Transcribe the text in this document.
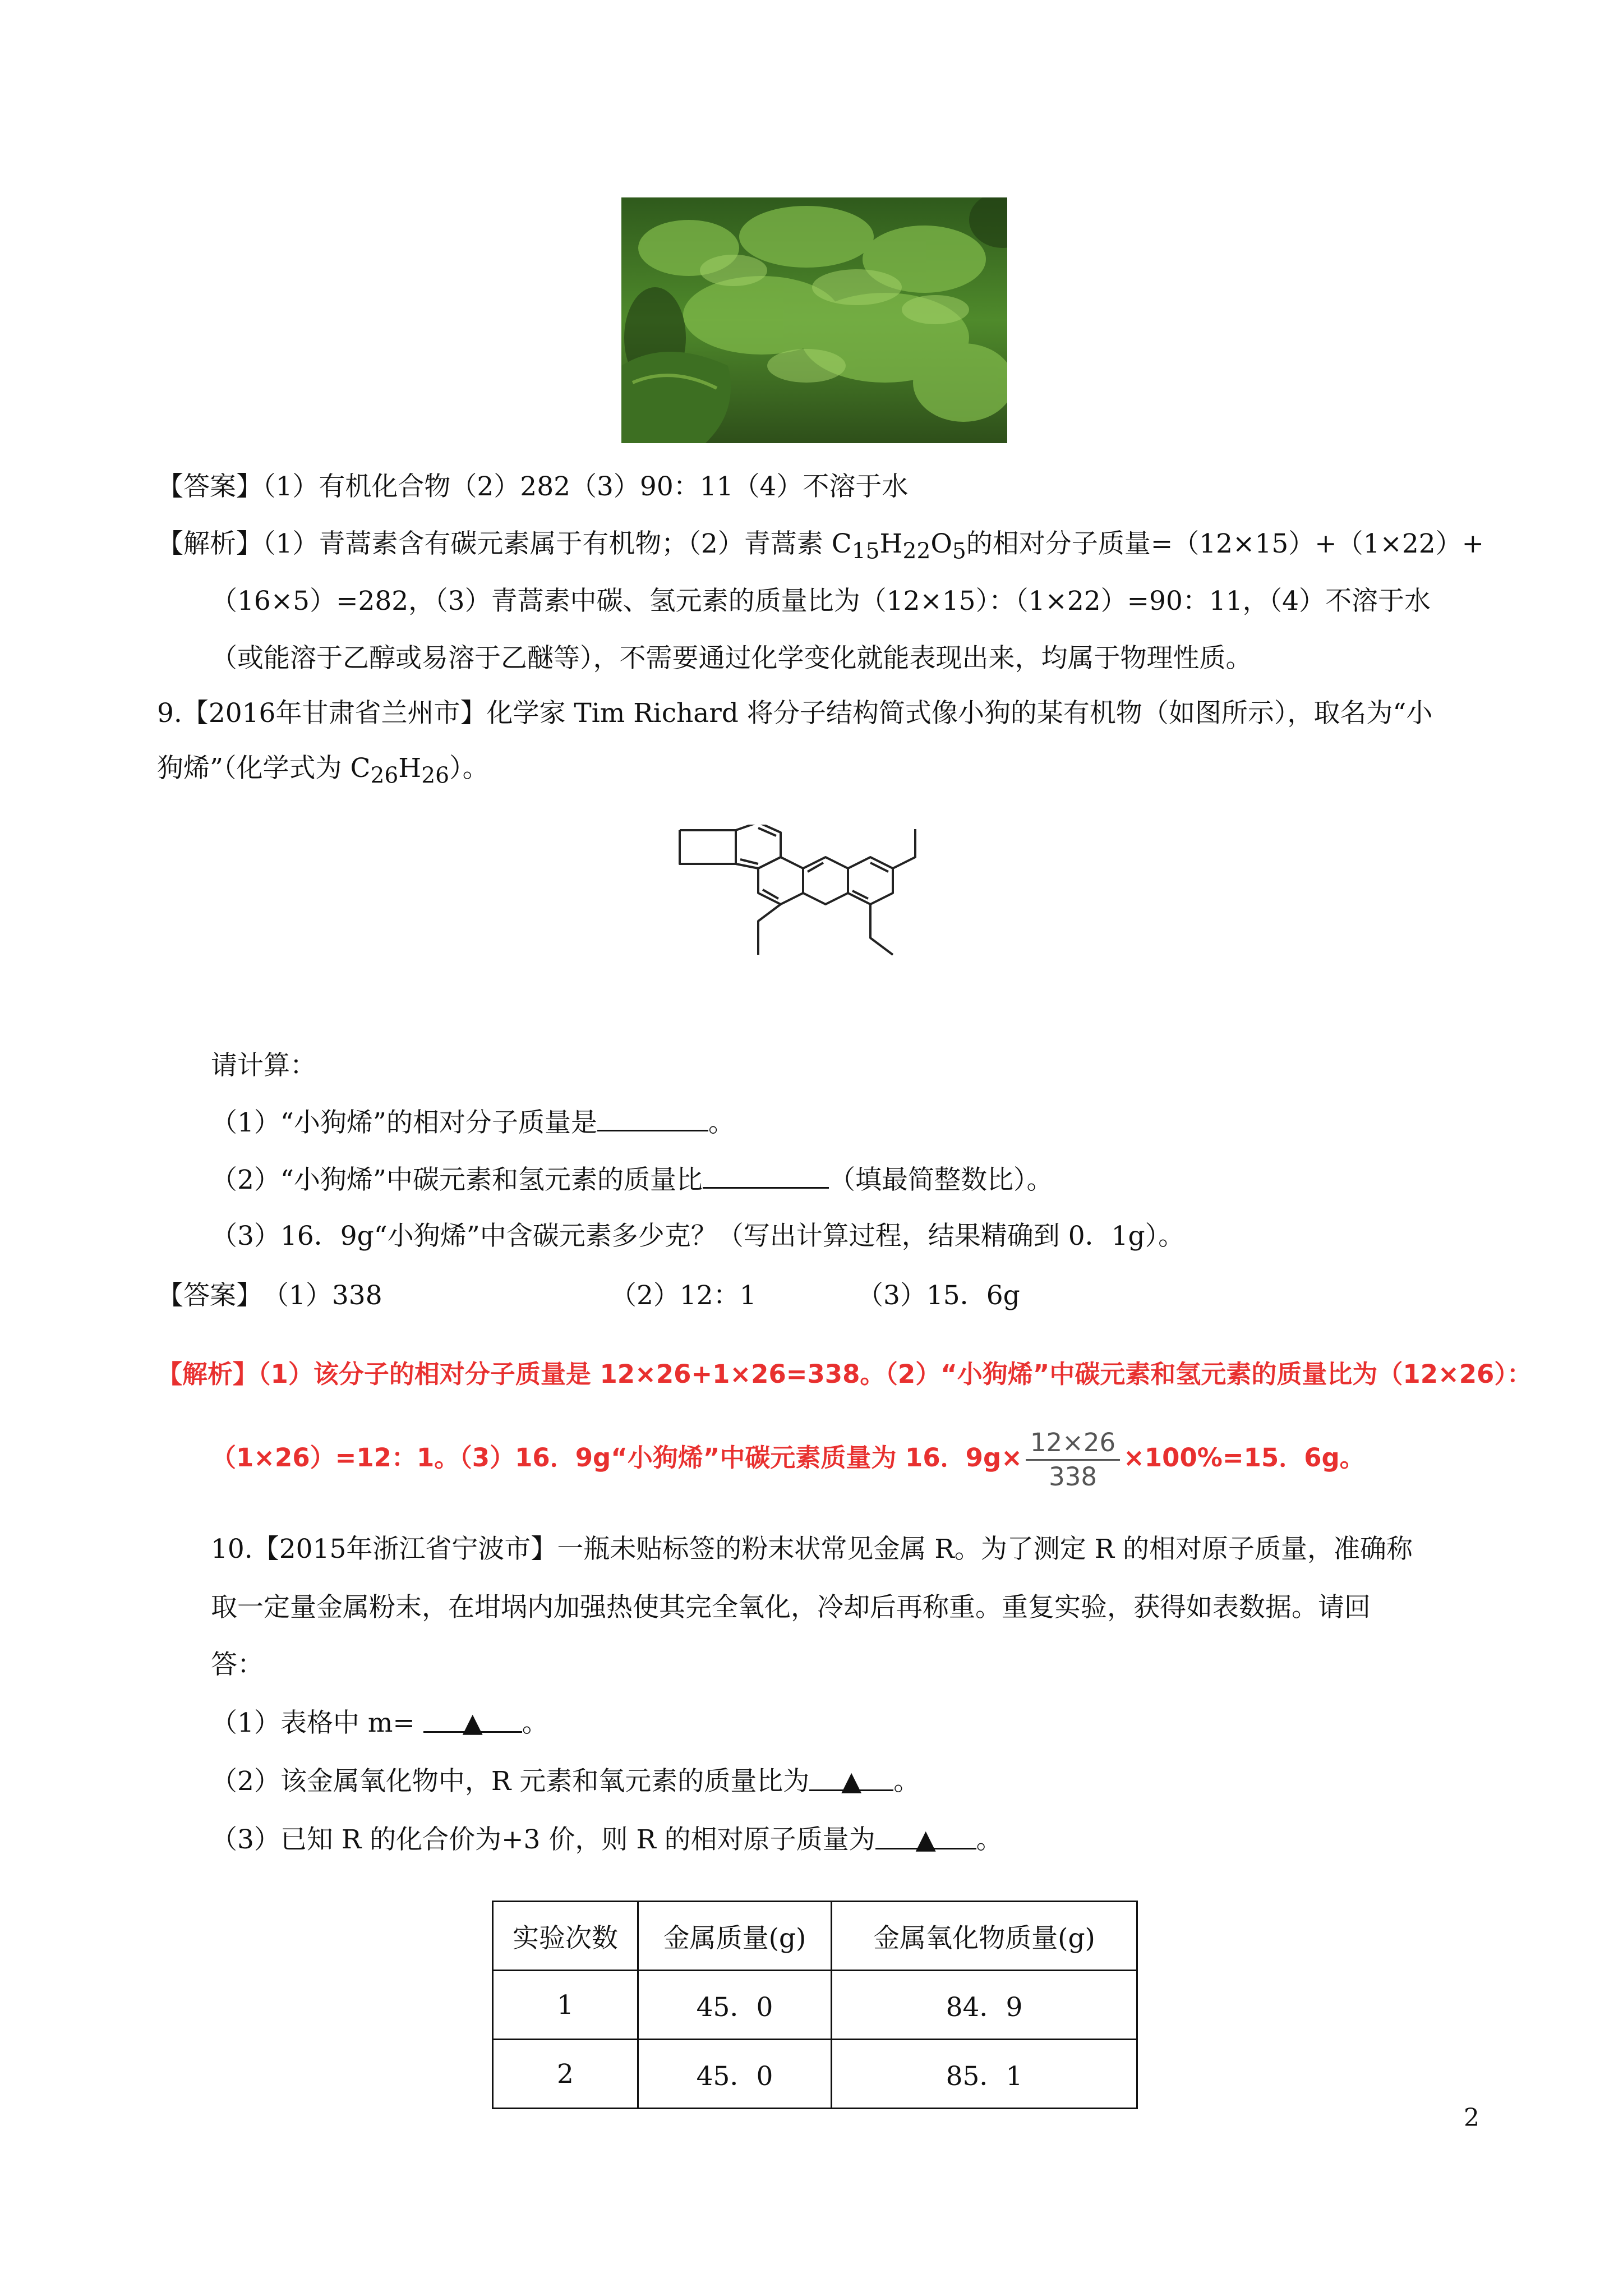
【答案】（1）有机化合物（2）282（3）90：11（4）不溶于水
【解析】（1）青蒿素含有碳元素属于有机物；（2）青蒿素 $C_{15}H_{22}O_5$的相对分子质量=（12×15）+（1×22）+
（16×5）=282，（3）青蒿素中碳、氢元素的质量比为（12×15）：（1×22）=90：11，（4）不溶于水
（或能溶于乙醇或易溶于乙醚等），不需要通过化学变化就能表现出来，均属于物理性质。
9.【2016年甘肃省兰州市】化学家 Tim Richard 将分子结构简式像小狗的某有机物（如图所示），取名为“小
狗烯”（化学式为 $C_{26}H_{26}$）。
请计算：
（1）“小狗烯”的相对分子质量是	。
（2）“小狗烯”中碳元素和氢元素的质量比	（填最简整数比）。
（3）16．9g“小狗烯”中含碳元素多少克？（写出计算过程，结果精确到 0．1g）。
【答案】（1）338	（2）12：1	（3）15．6g
【解析】（1）该分子的相对分子质量是 12×26+1×26=338。（2）“小狗烯”中碳元素和氢元素的质量比为（12×26）：
（1×26）=12：1。（3）16．9g“小狗烯”中碳元素质量为 16．$9g\times \frac{12\times 26}{338} \times 100\%=15$．6g。
10.【2015年浙江省宁波市】一瓶未贴标签的粉末状常见金属 R。为了测定 R 的相对原子质量，准确称
取一定量金属粉末，在坩埚内加强热使其完全氧化，冷却后再称重。重复实验，获得如表数据。请回
答：
（1）表格中 m= ▲ 。
（2）该金属氧化物中，R 元素和氧元素的质量比为 ▲ 。
（3）已知 R 的化合价为+3 价，则 R 的相对原子质量为 ▲ 。
实验次数	金属质量(g)	金属氧化物质量(g)
1	45．0	84．9
2	45．0	85．1
2
